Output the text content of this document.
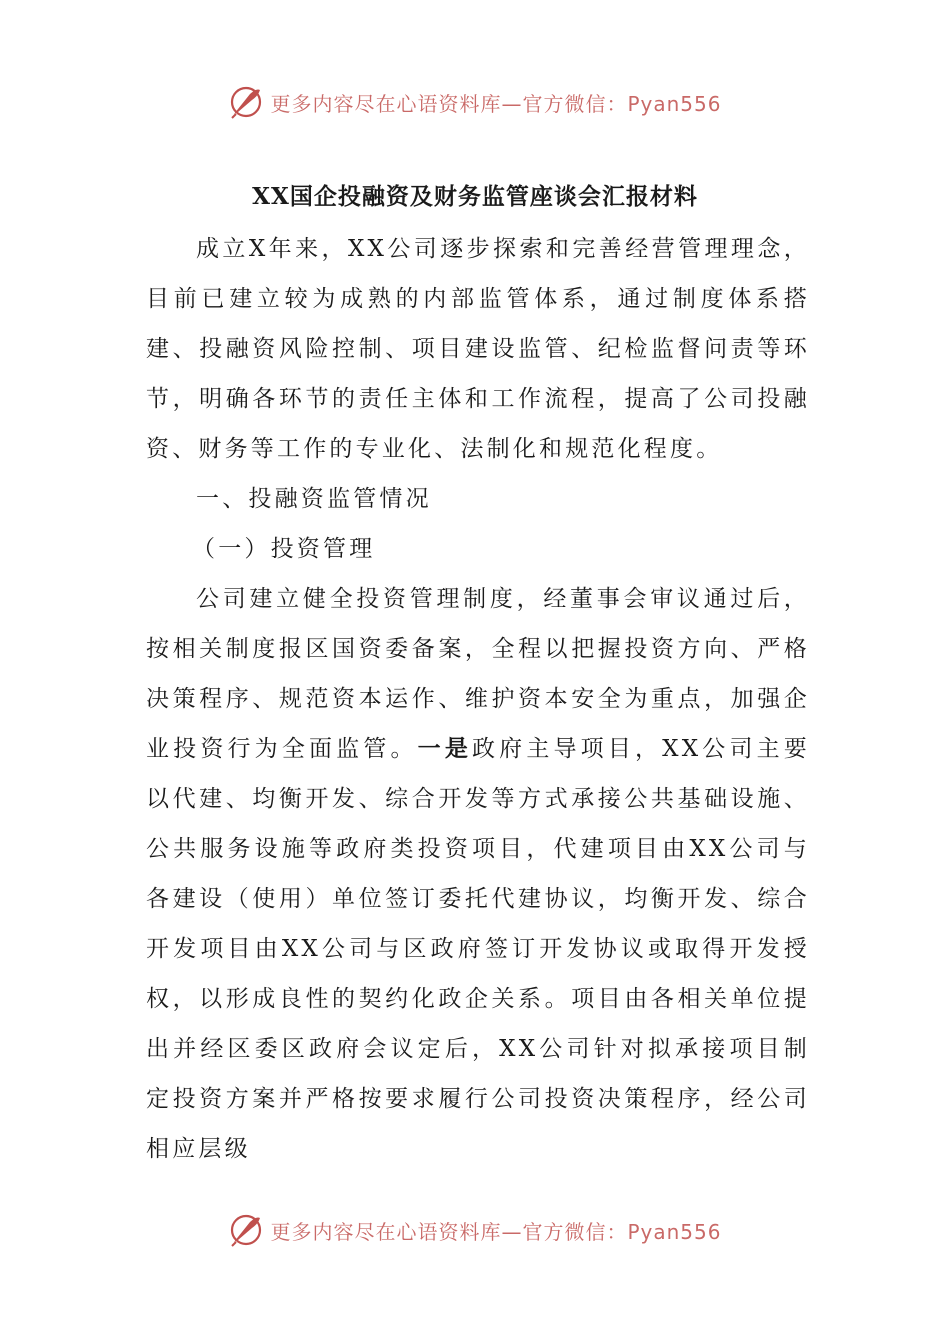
更多内容尽在心语资料库—官方微信：Pyan556
XX国企投融资及财务监管座谈会汇报材料

成立X年来，XX公司逐步探索和完善经营管理理念，目前已建立较为成熟的内部监管体系，通过制度体系搭建、投融资风险控制、项目建设监管、纪检监督问责等环节，明确各环节的责任主体和工作流程，提高了公司投融资、财务等工作的专业化、法制化和规范化程度。

一、投融资监管情况

（一）投资管理

公司建立健全投资管理制度，经董事会审议通过后，按相关制度报区国资委备案，全程以把握投资方向、严格决策程序、规范资本运作、维护资本安全为重点，加强企业投资行为全面监管。一是政府主导项目，XX公司主要以代建、均衡开发、综合开发等方式承接公共基础设施、公共服务设施等政府类投资项目，代建项目由XX公司与各建设（使用）单位签订委托代建协议，均衡开发、综合开发项目由XX公司与区政府签订开发协议或取得开发授权，以形成良性的契约化政企关系。项目由各相关单位提出并经区委区政府会议定后，XX公司针对拟承接项目制定投资方案并严格按要求履行公司投资决策程序，经公司相应层级

更多内容尽在心语资料库—官方微信：Pyan556
